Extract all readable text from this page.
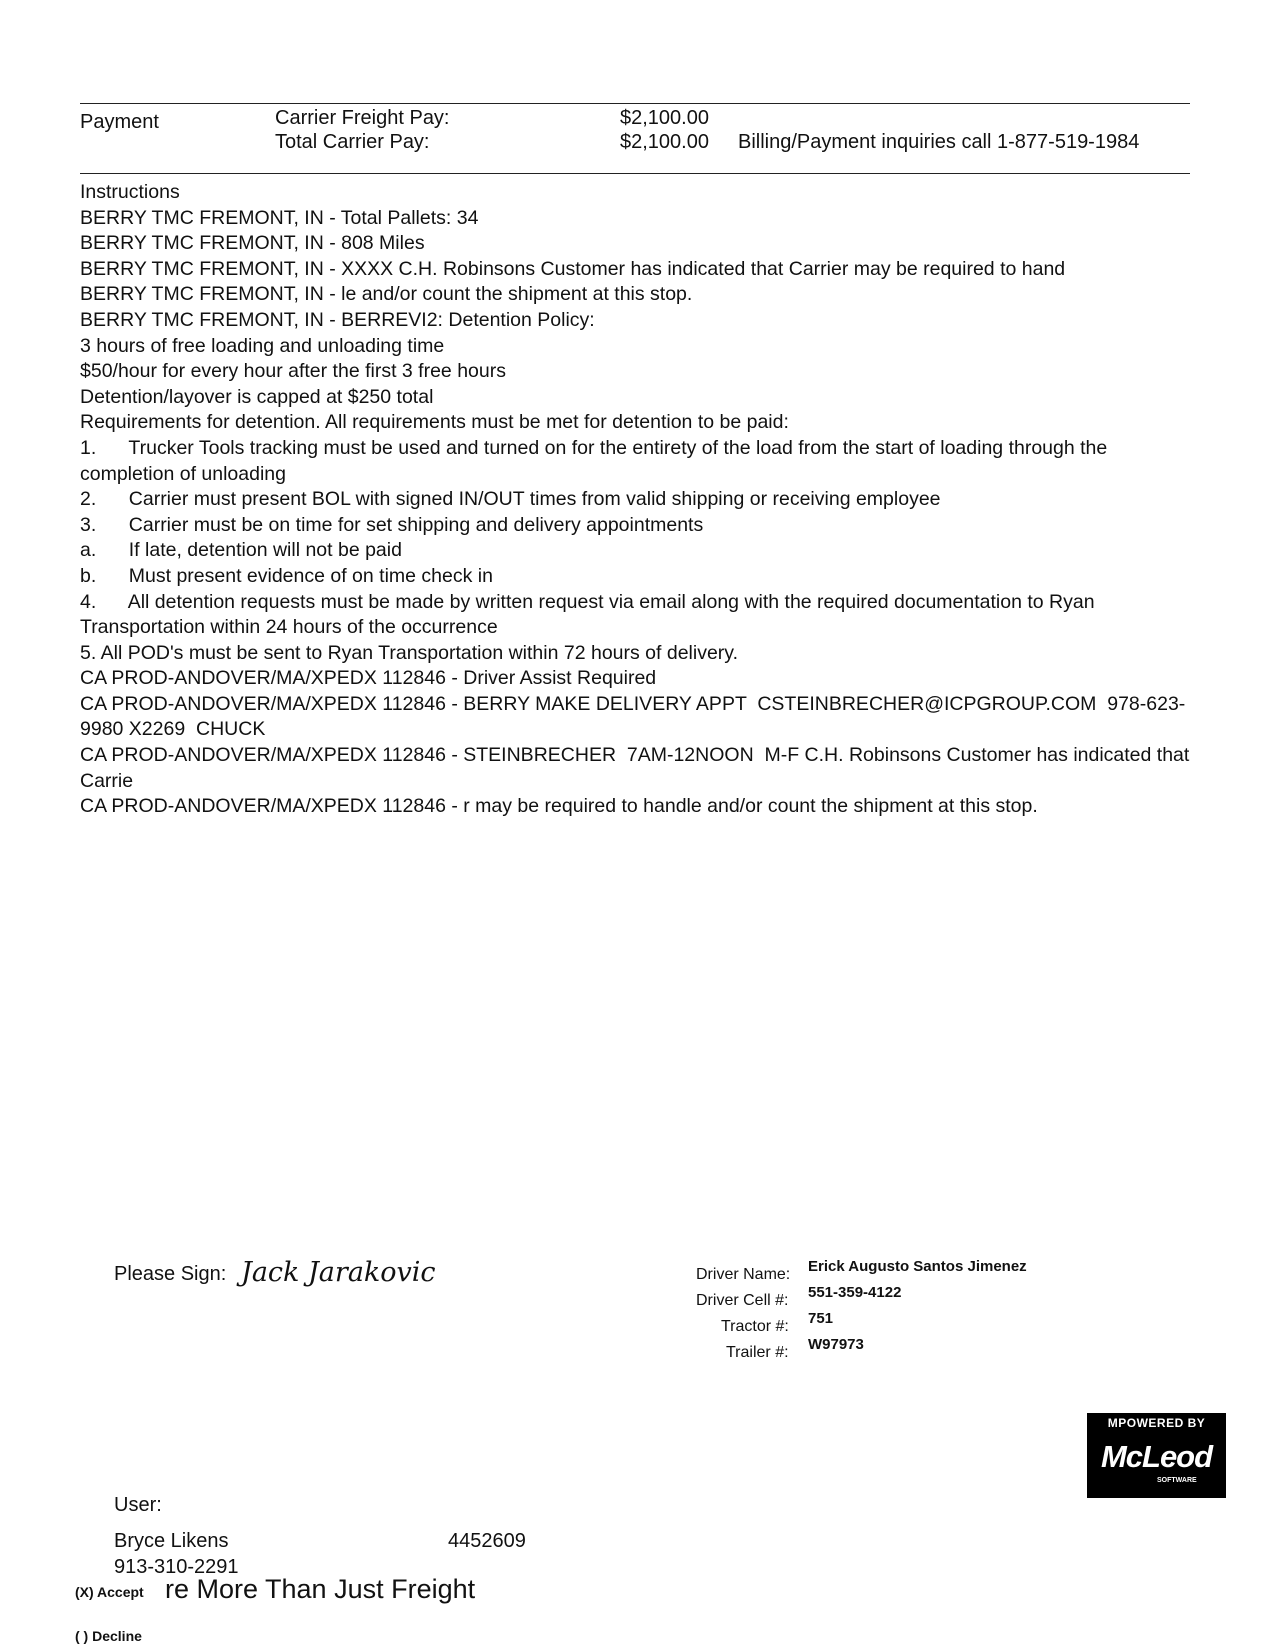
Payment	Carrier Freight Pay:	$2,100.00
Total Carrier Pay:	$2,100.00 Billing/Payment inquiries call 1-877-519-1984
Instructions
BERRY TMC FREMONT, IN - Total Pallets: 34
BERRY TMC FREMONT, IN - 808 Miles
BERRY TMC FREMONT, IN - XXXX C.H. Robinsons Customer has indicated that Carrier may be required to hand
BERRY TMC FREMONT, IN - le and/or count the shipment at this stop.
BERRY TMC FREMONT, IN - BERREVI2: Detention Policy:
3 hours of free loading and unloading time
$50/hour for every hour after the first 3 free hours
Detention/layover is capped at $250 total
Requirements for detention. All requirements must be met for detention to be paid:
1.      Trucker Tools tracking must be used and turned on for the entirety of the load from the start of loading through the completion of unloading
2.      Carrier must present BOL with signed IN/OUT times from valid shipping or receiving employee
3.      Carrier must be on time for set shipping and delivery appointments
a.      If late, detention will not be paid
b.      Must present evidence of on time check in
4.      All detention requests must be made by written request via email along with the required documentation to Ryan Transportation within 24 hours of the occurrence
5. All POD's must be sent to Ryan Transportation within 72 hours of delivery.
CA PROD-ANDOVER/MA/XPEDX 112846 - Driver Assist Required
CA PROD-ANDOVER/MA/XPEDX 112846 - BERRY MAKE DELIVERY APPT  CSTEINBRECHER@ICPGROUP.COM  978-623-9980 X2269  CHUCK
CA PROD-ANDOVER/MA/XPEDX 112846 - STEINBRECHER  7AM-12NOON  M-F C.H. Robinsons Customer has indicated that Carrie
CA PROD-ANDOVER/MA/XPEDX 112846 - r may be required to handle and/or count the shipment at this stop.
Please Sign: Jack Jarakovic	Driver Name: Erick Augusto Santos Jimenez
Driver Cell #: 551-359-4122
Tractor #: 751
Trailer #: W97973
MPOWERED BY
McLeod
SOFTWARE
User:
Bryce Likens	4452609
913-310-2291
(X) Accept re More Than Just Freight
( ) Decline
